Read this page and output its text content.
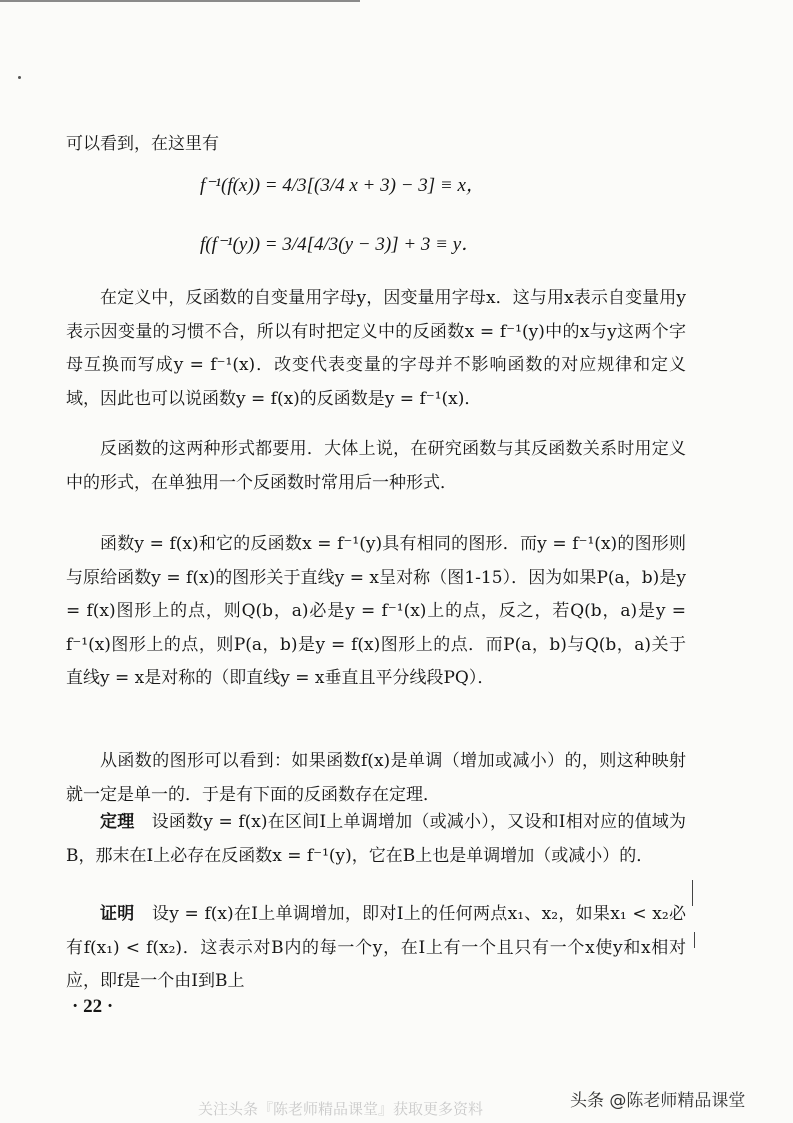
可以看到，在这里有
f⁻¹(f(x)) = 4/3[(3/4 x + 3) − 3] ≡ x，
f(f⁻¹(y)) = 3/4[4/3(y − 3)] + 3 ≡ y．
在定义中，反函数的自变量用字母y，因变量用字母x．这与用x表示自变量用y表示因变量的习惯不合，所以有时把定义中的反函数x = f⁻¹(y)中的x与y这两个字母互换而写成y = f⁻¹(x)．改变代表变量的字母并不影响函数的对应规律和定义域，因此也可以说函数y = f(x)的反函数是y = f⁻¹(x)．
反函数的这两种形式都要用．大体上说，在研究函数与其反函数关系时用定义中的形式，在单独用一个反函数时常用后一种形式．
函数y = f(x)和它的反函数x = f⁻¹(y)具有相同的图形．而y = f⁻¹(x)的图形则与原给函数y = f(x)的图形关于直线y = x呈对称（图1-15）．因为如果P(a，b)是y = f(x)图形上的点，则Q(b，a)必是y = f⁻¹(x)上的点，反之，若Q(b，a)是y = f⁻¹(x)图形上的点，则P(a，b)是y = f(x)图形上的点．而P(a，b)与Q(b，a)关于直线y = x是对称的（即直线y = x垂直且平分线段PQ）．
从函数的图形可以看到：如果函数f(x)是单调（增加或减小）的，则这种映射就一定是单一的．于是有下面的反函数存在定理．
定理　 设函数y = f(x)在区间I上单调增加（或减小），又设和I相对应的值域为B，那末在I上必存在反函数x = f⁻¹(y)，它在B上也是单调增加（或减小）的．
证明　 设y = f(x)在I上单调增加，即对I上的任何两点x₁、x₂，如果x₁ < x₂必有f(x₁) < f(x₂)．这表示对B内的每一个y，在I上有一个且只有一个x使y和x相对应，即f是一个由I到B上
· 22 ·
关注头条『陈老师精品课堂』获取更多资料	头条 @陈老师精品课堂
